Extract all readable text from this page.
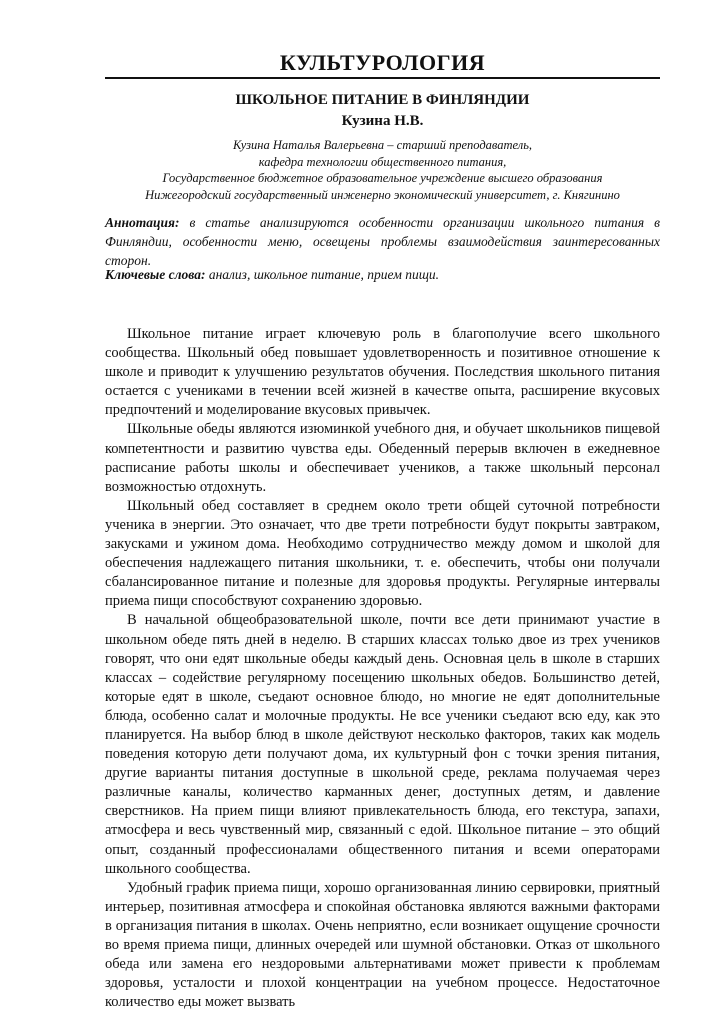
КУЛЬТУРОЛОГИЯ
ШКОЛЬНОЕ ПИТАНИЕ В ФИНЛЯНДИИ
Кузина Н.В.
Кузина Наталья Валерьевна – старший преподаватель,
кафедра технологии общественного питания,
Государственное бюджетное образовательное учреждение высшего образования
Нижегородский государственный инженерно экономический университет, г. Княгинино
Аннотация: в статье анализируются особенности организации школьного питания в Финляндии, особенности меню, освещены проблемы взаимодействия заинтересованных сторон.
Ключевые слова: анализ, школьное питание, прием пищи.

Школьное питание играет ключевую роль в благополучие всего школьного сообщества. Школьный обед повышает удовлетворенность и позитивное отношение к школе и приводит к улучшению результатов обучения. Последствия школьного питания остается с учениками в течении всей жизней в качестве опыта, расширение вкусовых предпочтений и моделирование вкусовых привычек.

Школьные обеды являются изюминкой учебного дня, и обучает школьников пищевой компетентности и развитию чувства еды. Обеденный перерыв включен в ежедневное расписание работы школы и обеспечивает учеников, а также школьный персонал возможностью отдохнуть.

Школьный обед составляет в среднем около трети общей суточной потребности ученика в энергии. Это означает, что две трети потребности будут покрыты завтраком, закусками и ужином дома. Необходимо сотрудничество между домом и школой для обеспечения надлежащего питания школьники, т. е. обеспечить, чтобы они получали сбалансированное питание и полезные для здоровья продукты. Регулярные интервалы приема пищи способствуют сохранению здоровью.

В начальной общеобразовательной школе, почти все дети принимают участие в школьном обеде пять дней в неделю. В старших классах только двое из трех учеников говорят, что они едят школьные обеды каждый день. Основная цель в школе в старших классах – содействие регулярному посещению школьных обедов. Большинство детей, которые едят в школе, съедают основное блюдо, но многие не едят дополнительные блюда, особенно салат и молочные продукты. Не все ученики съедают всю еду, как это планируется. На выбор блюд в школе действуют несколько факторов, таких как модель поведения которую дети получают дома, их культурный фон с точки зрения питания, другие варианты питания доступные в школьной среде, реклама получаемая через различные каналы, количество карманных денег, доступных детям, и давление сверстников. На прием пищи влияют привлекательность блюда, его текстура, запахи, атмосфера и весь чувственный мир, связанный с едой. Школьное питание – это общий опыт, созданный профессионалами общественного питания и всеми операторами школьного сообщества.

Удобный график приема пищи, хорошо организованная линию сервировки, приятный интерьер, позитивная атмосфера и спокойная обстановка являются важными факторами в организация питания в школах. Очень неприятно, если возникает ощущение срочности во время приема пищи, длинных очередей или шумной обстановки. Отказ от школьного обеда или замена его нездоровыми альтернативами может привести к проблемам здоровья, усталости и плохой концентрации на учебном процессе. Недостаточное количество еды может вызвать
